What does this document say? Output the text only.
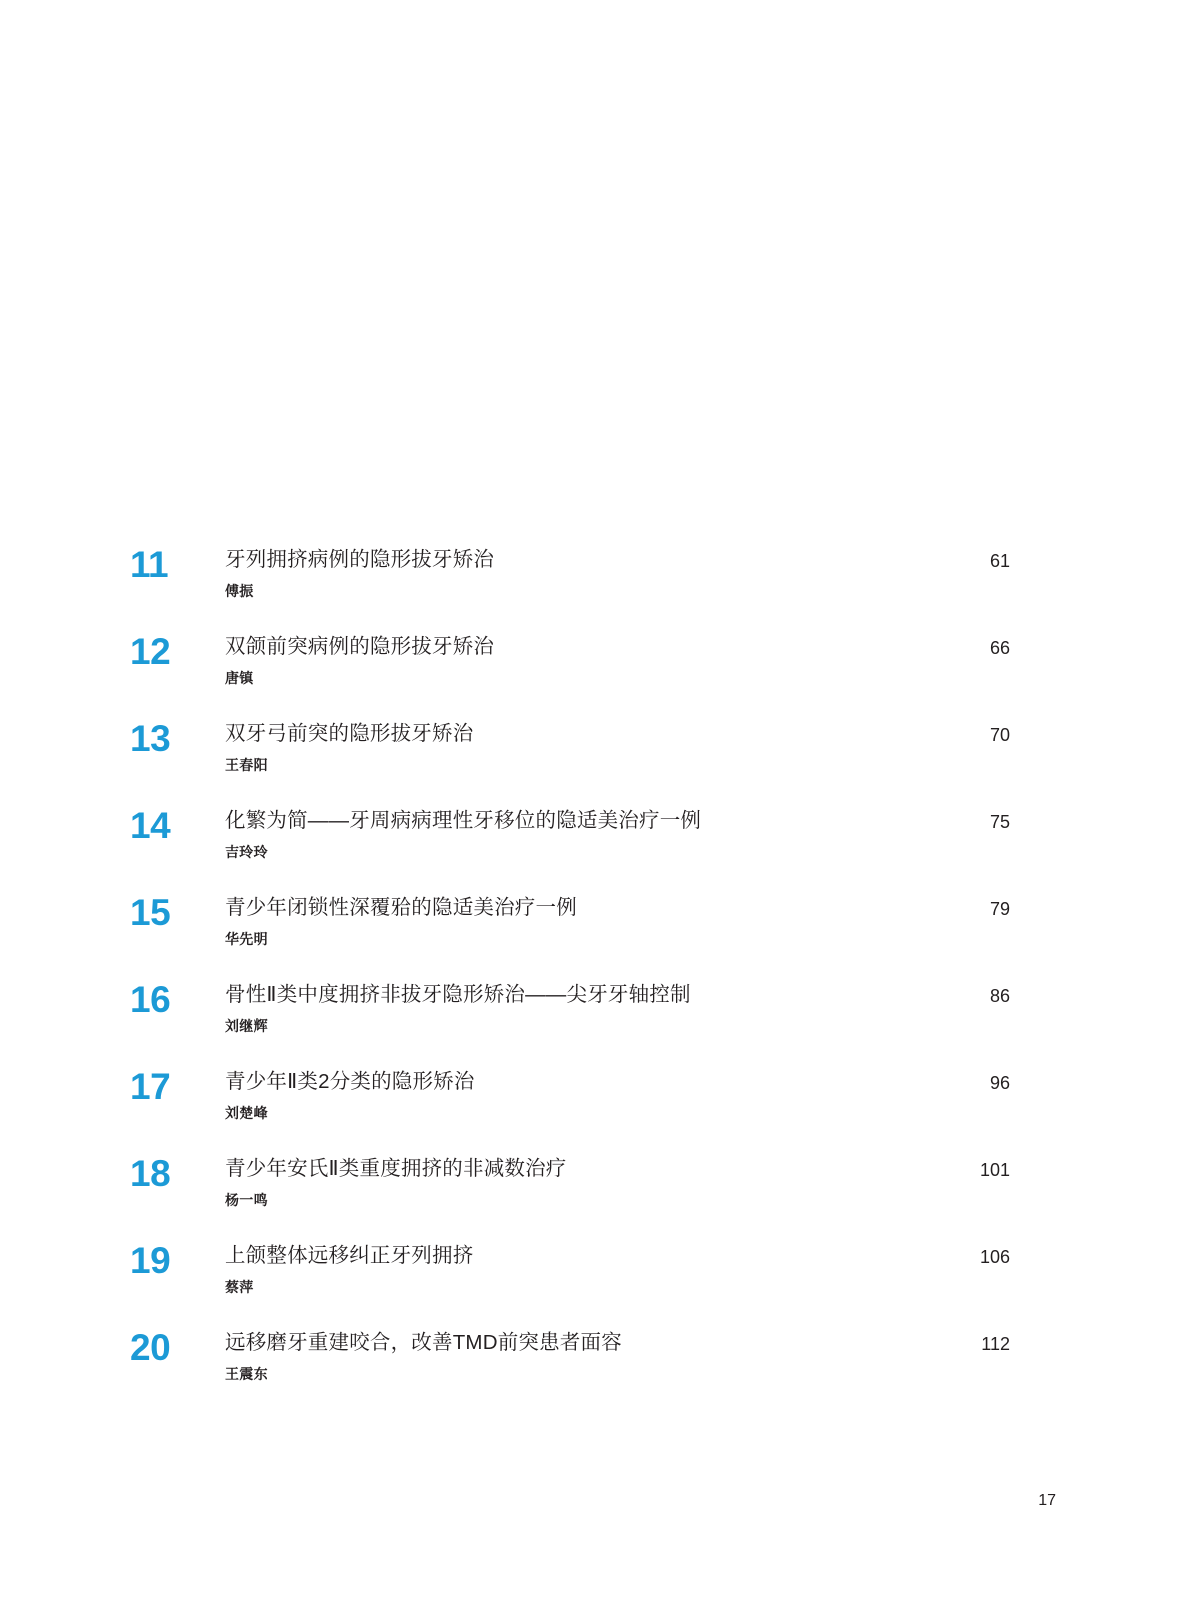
11	牙列拥挤病例的隐形拔牙矫治
傅振
61
12	双颌前突病例的隐形拔牙矫治
唐镇
66
13	双牙弓前突的隐形拔牙矫治
王春阳
70
14	化繁为简——牙周病病理性牙移位的隐适美治疗一例
吉玲玲
75
15	青少年闭锁性深覆𬌗的隐适美治疗一例
华先明
79
16	骨性Ⅱ类中度拥挤非拔牙隐形矫治——尖牙牙轴控制
刘继辉
86
17	青少年Ⅱ类2分类的隐形矫治
刘楚峰
96
18	青少年安氏Ⅱ类重度拥挤的非减数治疗
杨一鸣
101
19	上颌整体远移纠正牙列拥挤
蔡萍
106
20	远移磨牙重建咬合，改善TMD前突患者面容
王震东
112
17
